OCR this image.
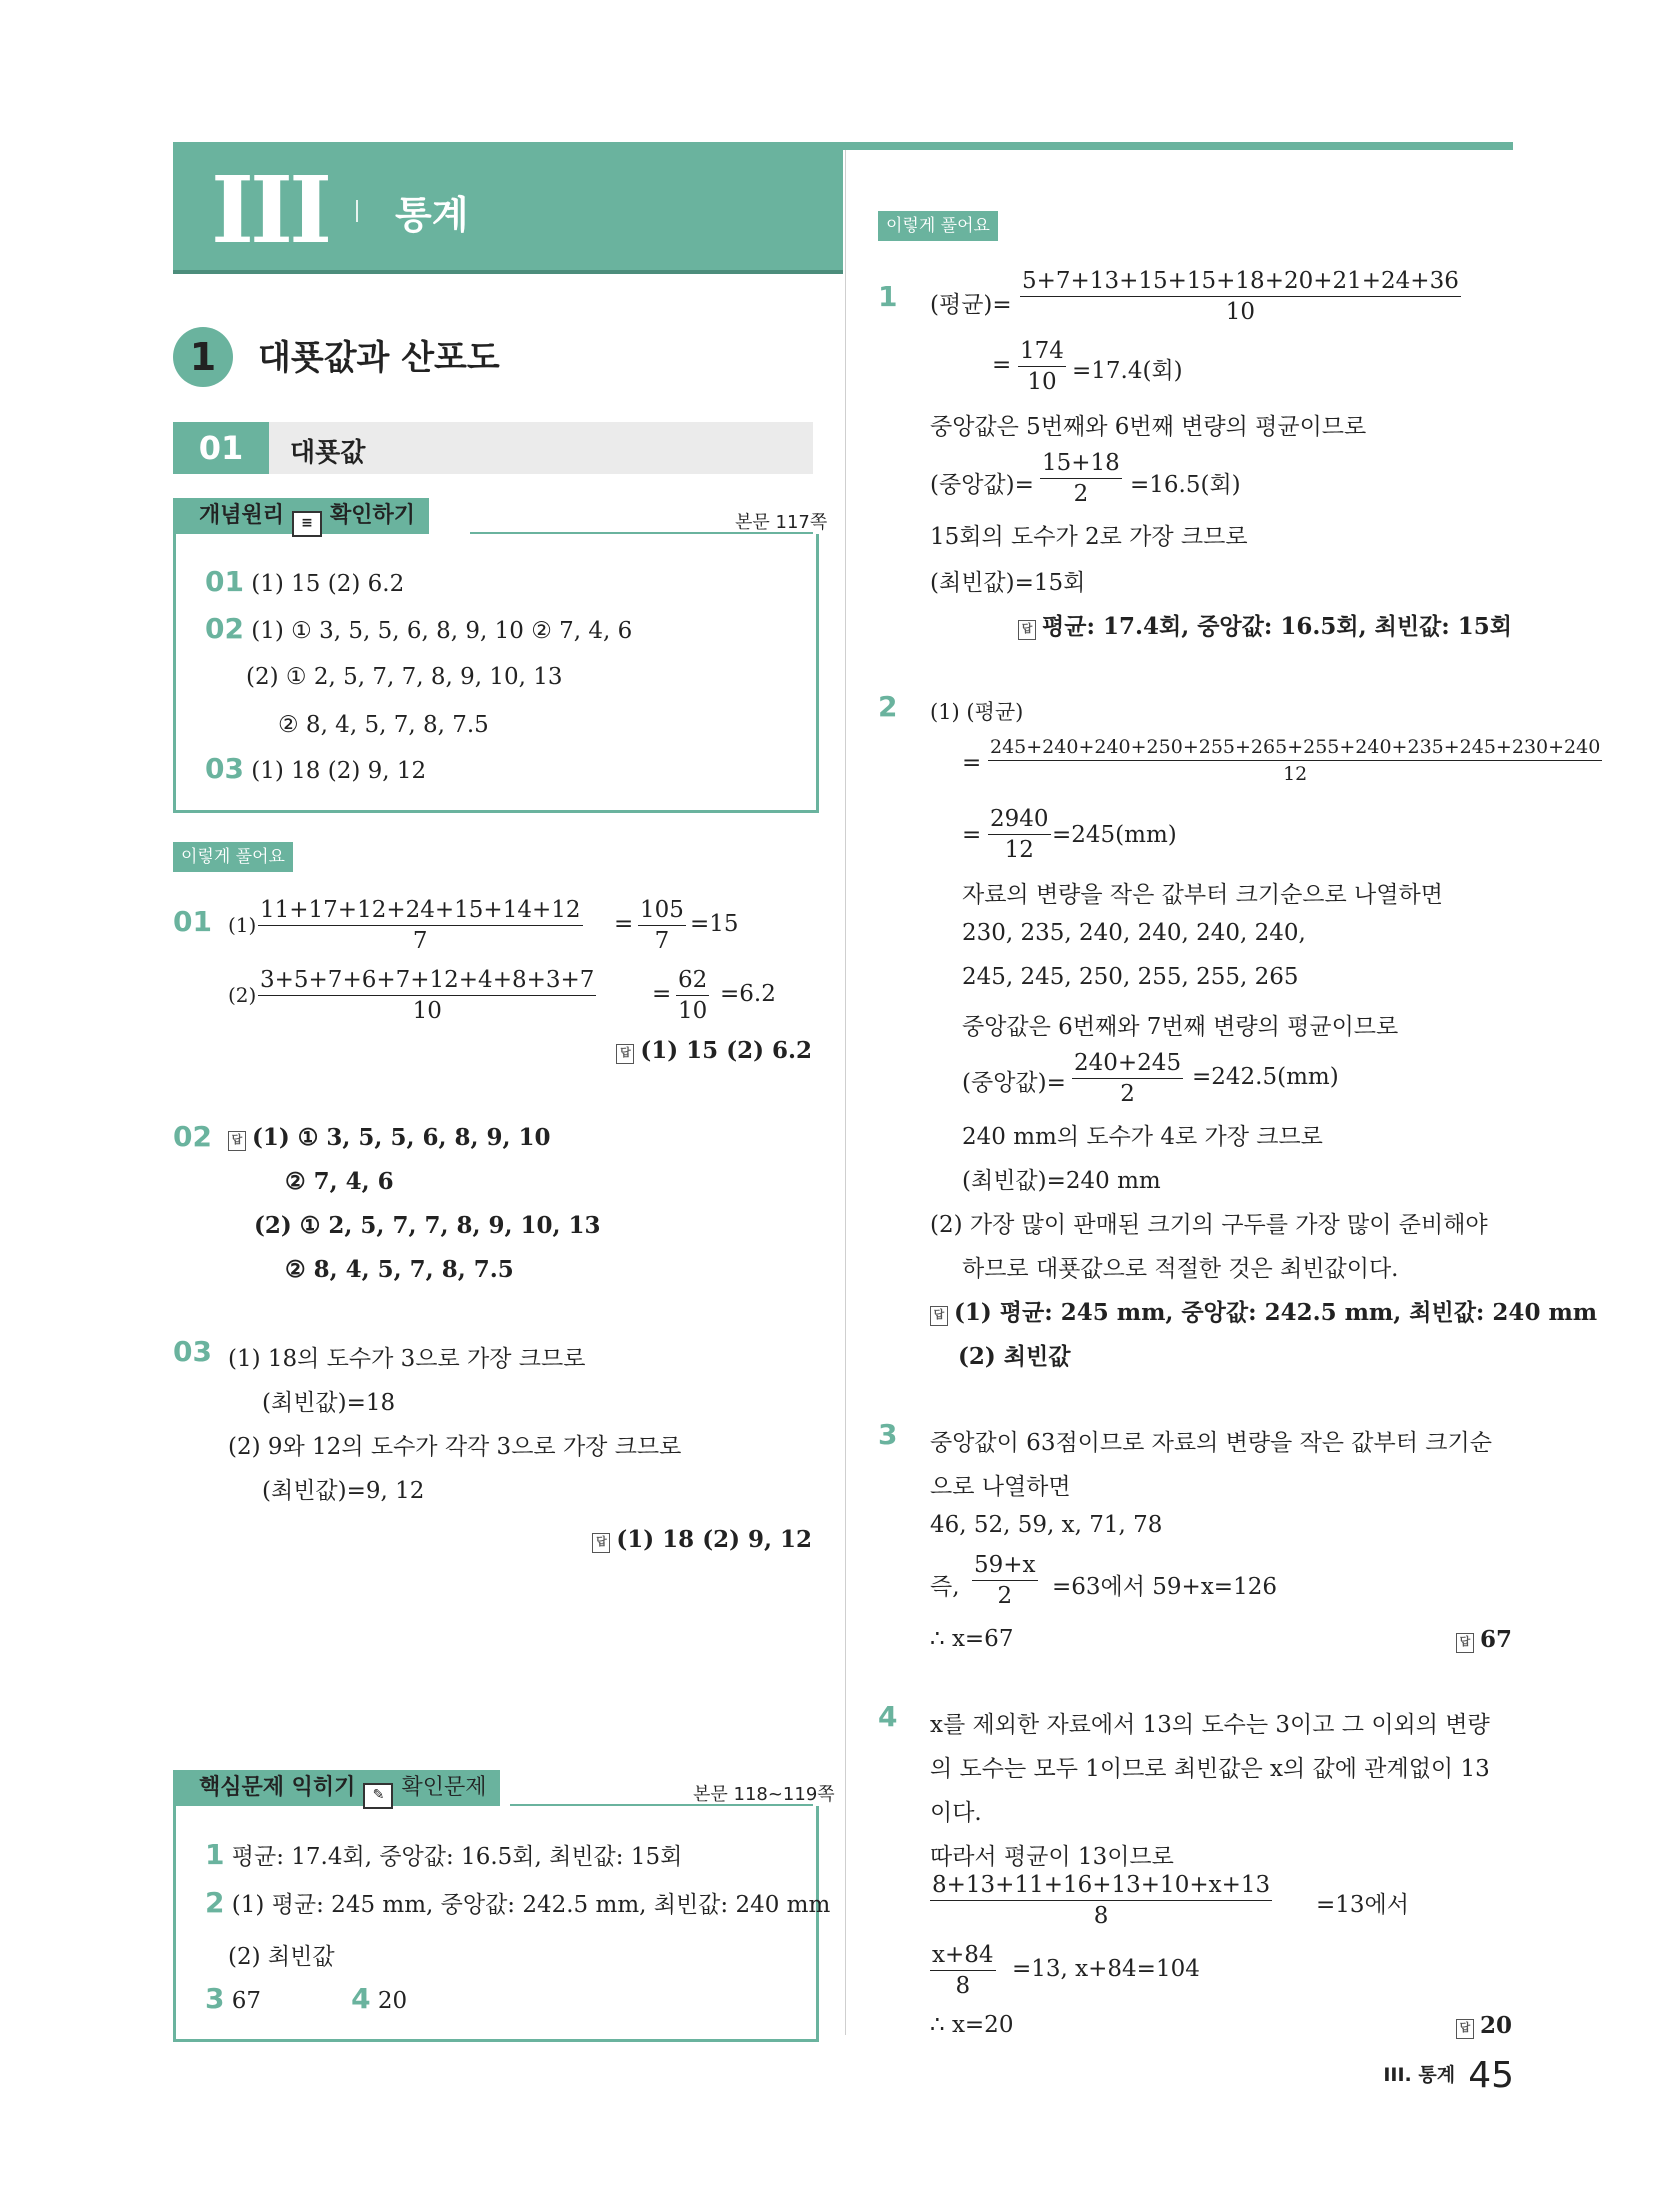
III 통계
1	대푯값과 산포도
01	대푯값
개념원리 ≡ 확인하기	본문 117쪽
01 (1) 15 (2) 6.2
02 (1) ① 3, 5, 5, 6, 8, 9, 10 ② 7, 4, 6
(2) ① 2, 5, 7, 7, 8, 9, 10, 13
② 8, 4, 5, 7, 8, 7.5
03 (1) 18 (2) 9, 12
이렇게 풀어요
01 $(1) \frac{11+17+12+24+15+14+12}{7} = \frac{105}{7} =15$
$(2) \frac{3+5+7+6+7+12+4+8+3+7}{10} = \frac{62}{10} =6.2$
답 (1) 15 (2) 6.2
02	답 (1) ① 3, 5, 5, 6, 8, 9, 10
② 7, 4, 6
(2) ① 2, 5, 7, 7, 8, 9, 10, 13
② 8, 4, 5, 7, 8, 7.5
03 (1) 18의 도수가 3으로 가장 크므로
(최빈값)=18
(2) 9와 12의 도수가 각각 3으로 가장 크므로
(최빈값)=9, 12
답 (1) 18 (2) 9, 12
핵심문제 익히기 ✎ 확인문제	본문 118~119쪽
1 평균: 17.4회, 중앙값: 16.5회, 최빈값: 15회
2 (1) 평균: 245 mm, 중앙값: 242.5 mm, 최빈값: 240 mm
(2) 최빈값
3 67	4 20
이렇게 풀어요
1 (평균)= $\frac{5+7+13+15+15+18+20+21+24+36}{10}$
= $\frac{174}{10} =17.4$(회)
중앙값은 5번째와 6번째 변량의 평균이므로
(중앙값)= $\frac{15+18}{2} =16.5$(회)
15회의 도수가 2로 가장 크므로
(최빈값)=15회
답 평균: 17.4회, 중앙값: 16.5회, 최빈값: 15회
2 (1) (평균)
= $\frac{245+240+240+250+255+265+255+240+235+245+230+240}{12}$
= $\frac{2940}{12} =245(mm)$
자료의 변량을 작은 값부터 크기순으로 나열하면
230, 235, 240, 240, 240, 240,
245, 245, 250, 255, 255, 265
중앙값은 6번째와 7번째 변량의 평균이므로
(중앙값)= $\frac{240+245}{2} =242.5(mm)$
240 mm의 도수가 4로 가장 크므로
(최빈값)=240 mm
(2) 가장 많이 판매된 크기의 구두를 가장 많이 준비해야
하므로 대푯값으로 적절한 것은 최빈값이다.
답 (1) 평균: 245 mm, 중앙값: 242.5 mm, 최빈값: 240 mm
(2) 최빈값
3 중앙값이 63점이므로 자료의 변량을 작은 값부터 크기순
으로 나열하면
46, 52, 59, x, 71, 78
즉, $\frac{59+x}{2} =63$에서 59+x=126
∴ x=67	답 67
4 x를 제외한 자료에서 13의 도수는 3이고 그 이외의 변량
의 도수는 모두 1이므로 최빈값은 x의 값에 관계없이 13
이다.
따라서 평균이 13이므로
$\frac{8+13+11+16+13+10+x+13}{8} =13$에서
$\frac{x+84}{8} =13$, x+84=104
∴ x=20	답 20
III. 통계 45
